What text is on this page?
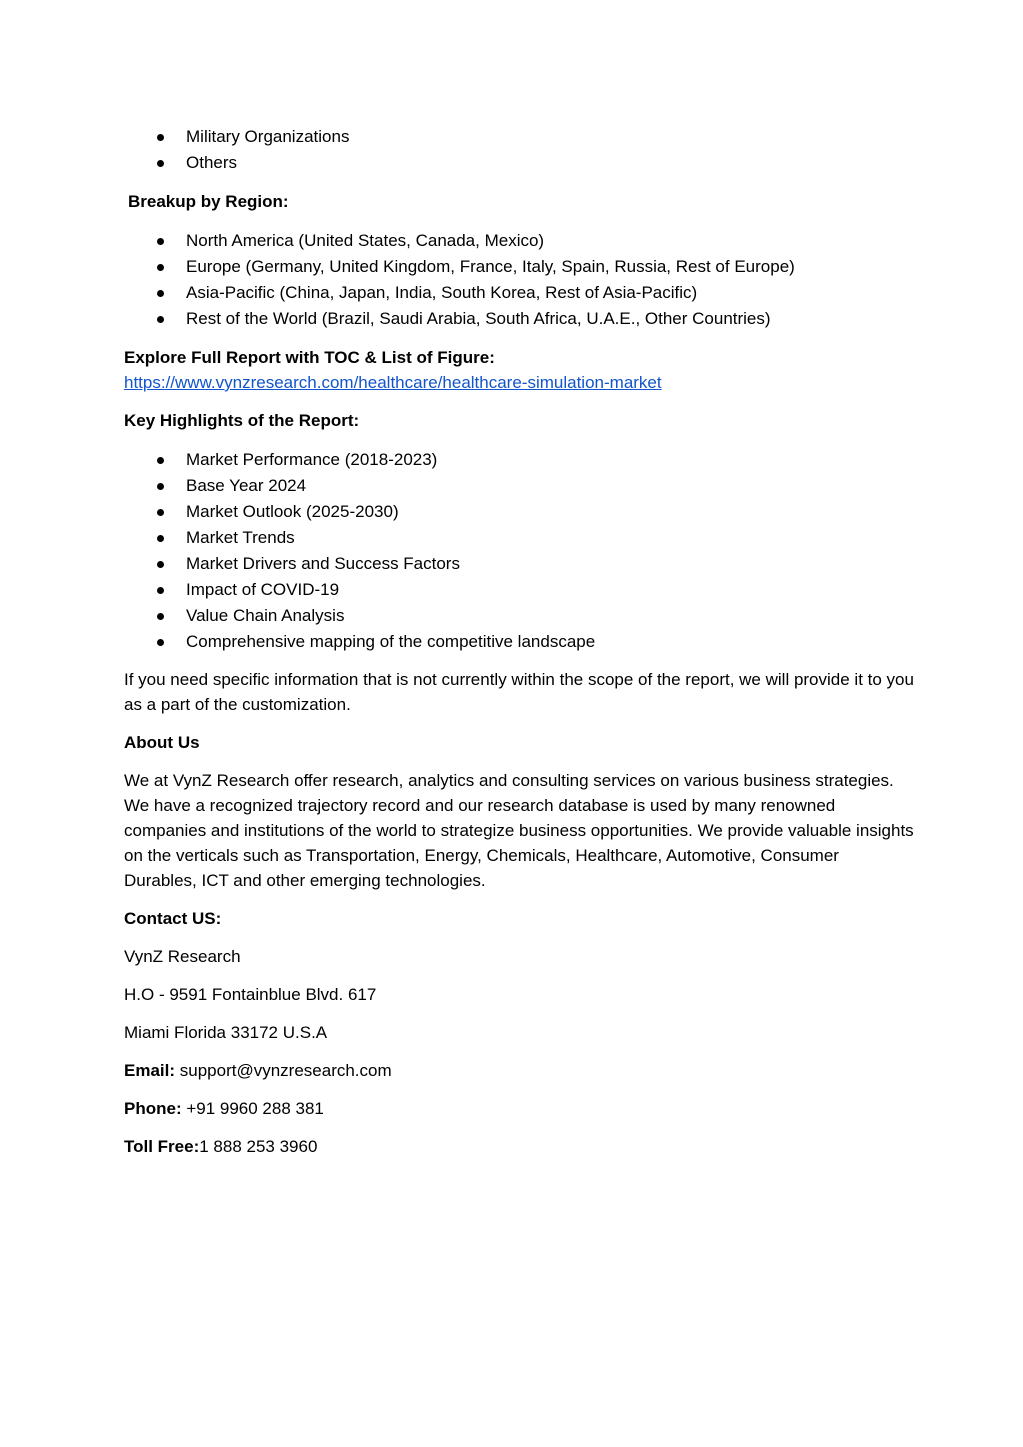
Military Organizations
Others
Breakup by Region:
North America (United States, Canada, Mexico)
Europe (Germany, United Kingdom, France, Italy, Spain, Russia, Rest of Europe)
Asia-Pacific (China, Japan, India, South Korea, Rest of Asia-Pacific)
Rest of the World (Brazil, Saudi Arabia, South Africa, U.A.E., Other Countries)
Explore Full Report with TOC & List of Figure:
https://www.vynzresearch.com/healthcare/healthcare-simulation-market
Key Highlights of the Report:
Market Performance (2018-2023)
Base Year 2024
Market Outlook (2025-2030)
Market Trends
Market Drivers and Success Factors
Impact of COVID-19
Value Chain Analysis
Comprehensive mapping of the competitive landscape
If you need specific information that is not currently within the scope of the report, we will provide it to you as a part of the customization.
About Us
We at VynZ Research offer research, analytics and consulting services on various business strategies. We have a recognized trajectory record and our research database is used by many renowned companies and institutions of the world to strategize business opportunities. We provide valuable insights on the verticals such as Transportation, Energy, Chemicals, Healthcare, Automotive, Consumer Durables, ICT and other emerging technologies.
Contact US:
VynZ Research
H.O - 9591 Fontainblue Blvd. 617
Miami Florida 33172 U.S.A
Email: support@vynzresearch.com
Phone: +91 9960 288 381
Toll Free:1 888 253 3960
